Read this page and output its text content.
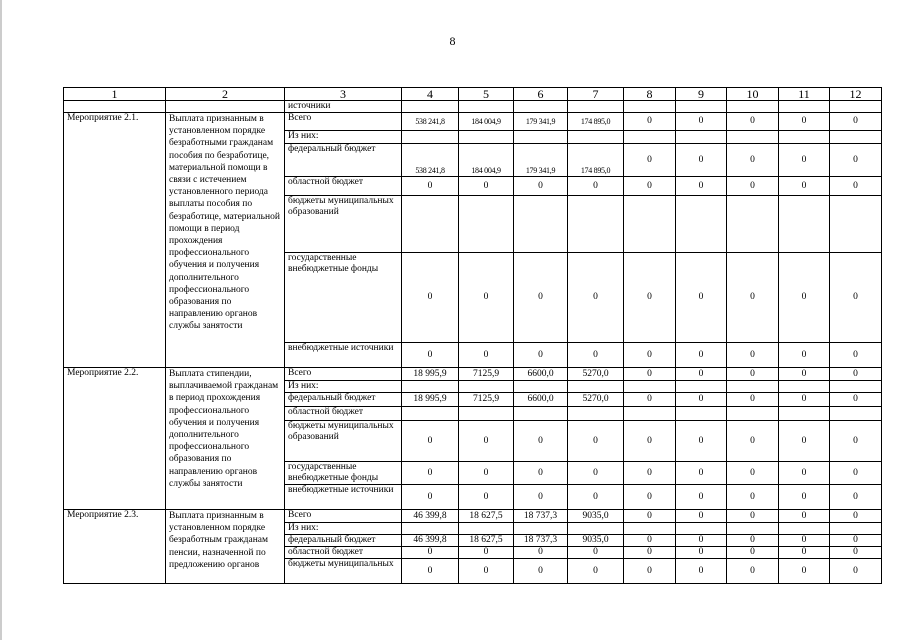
8
1	2	3	4	5	6	7	8	9	10	11	12
		источники									
Мероприятие 2.1.	Выплата признанным в установленном порядке безработными гражданам пособия по безработице, материальной помощи в связи с истечением установленного периода выплаты пособия по безработице, материальной помощи в период прохождения профессионального обучения и получения дополнительного профессионального образования по направлению органов службы занятости	Всего	538 241,8	184 004,9	179 341,9	174 895,0	0	0	0	0	0
		Из них:									
		федеральный бюджет	538 241,8	184 004,9	179 341,9	174 895,0	0	0	0	0	0
		областной бюджет	0	0	0	0	0	0	0	0	0
		бюджеты муниципальных образований									
		государственные внебюджетные фонды	0	0	0	0	0	0	0	0	0
		внебюджетные источники	0	0	0	0	0	0	0	0	0
Мероприятие 2.2.	Выплата стипендии, выплачиваемой гражданам в период прохождения профессионального обучения и получения дополнительного профессионального образования по направлению органов службы занятости	Всего	18 995,9	7125,9	6600,0	5270,0	0	0	0	0	0
		Из них:									
		федеральный бюджет	18 995,9	7125,9	6600,0	5270,0	0	0	0	0	0
		областной бюджет									
		бюджеты муниципальных образований	0	0	0	0	0	0	0	0	0
		государственные внебюджетные фонды	0	0	0	0	0	0	0	0	0
		внебюджетные источники	0	0	0	0	0	0	0	0	0
Мероприятие 2.3.	Выплата признанным в установленном порядке безработным гражданам пенсии, назначенной по предложению органов	Всего	46 399,8	18 627,5	18 737,3	9035,0	0	0	0	0	0
		Из них:									
		федеральный бюджет	46 399,8	18 627,5	18 737,3	9035,0	0	0	0	0	0
		областной бюджет	0	0	0	0	0	0	0	0	0
		бюджеты муниципальных	0	0	0	0	0	0	0	0	0
